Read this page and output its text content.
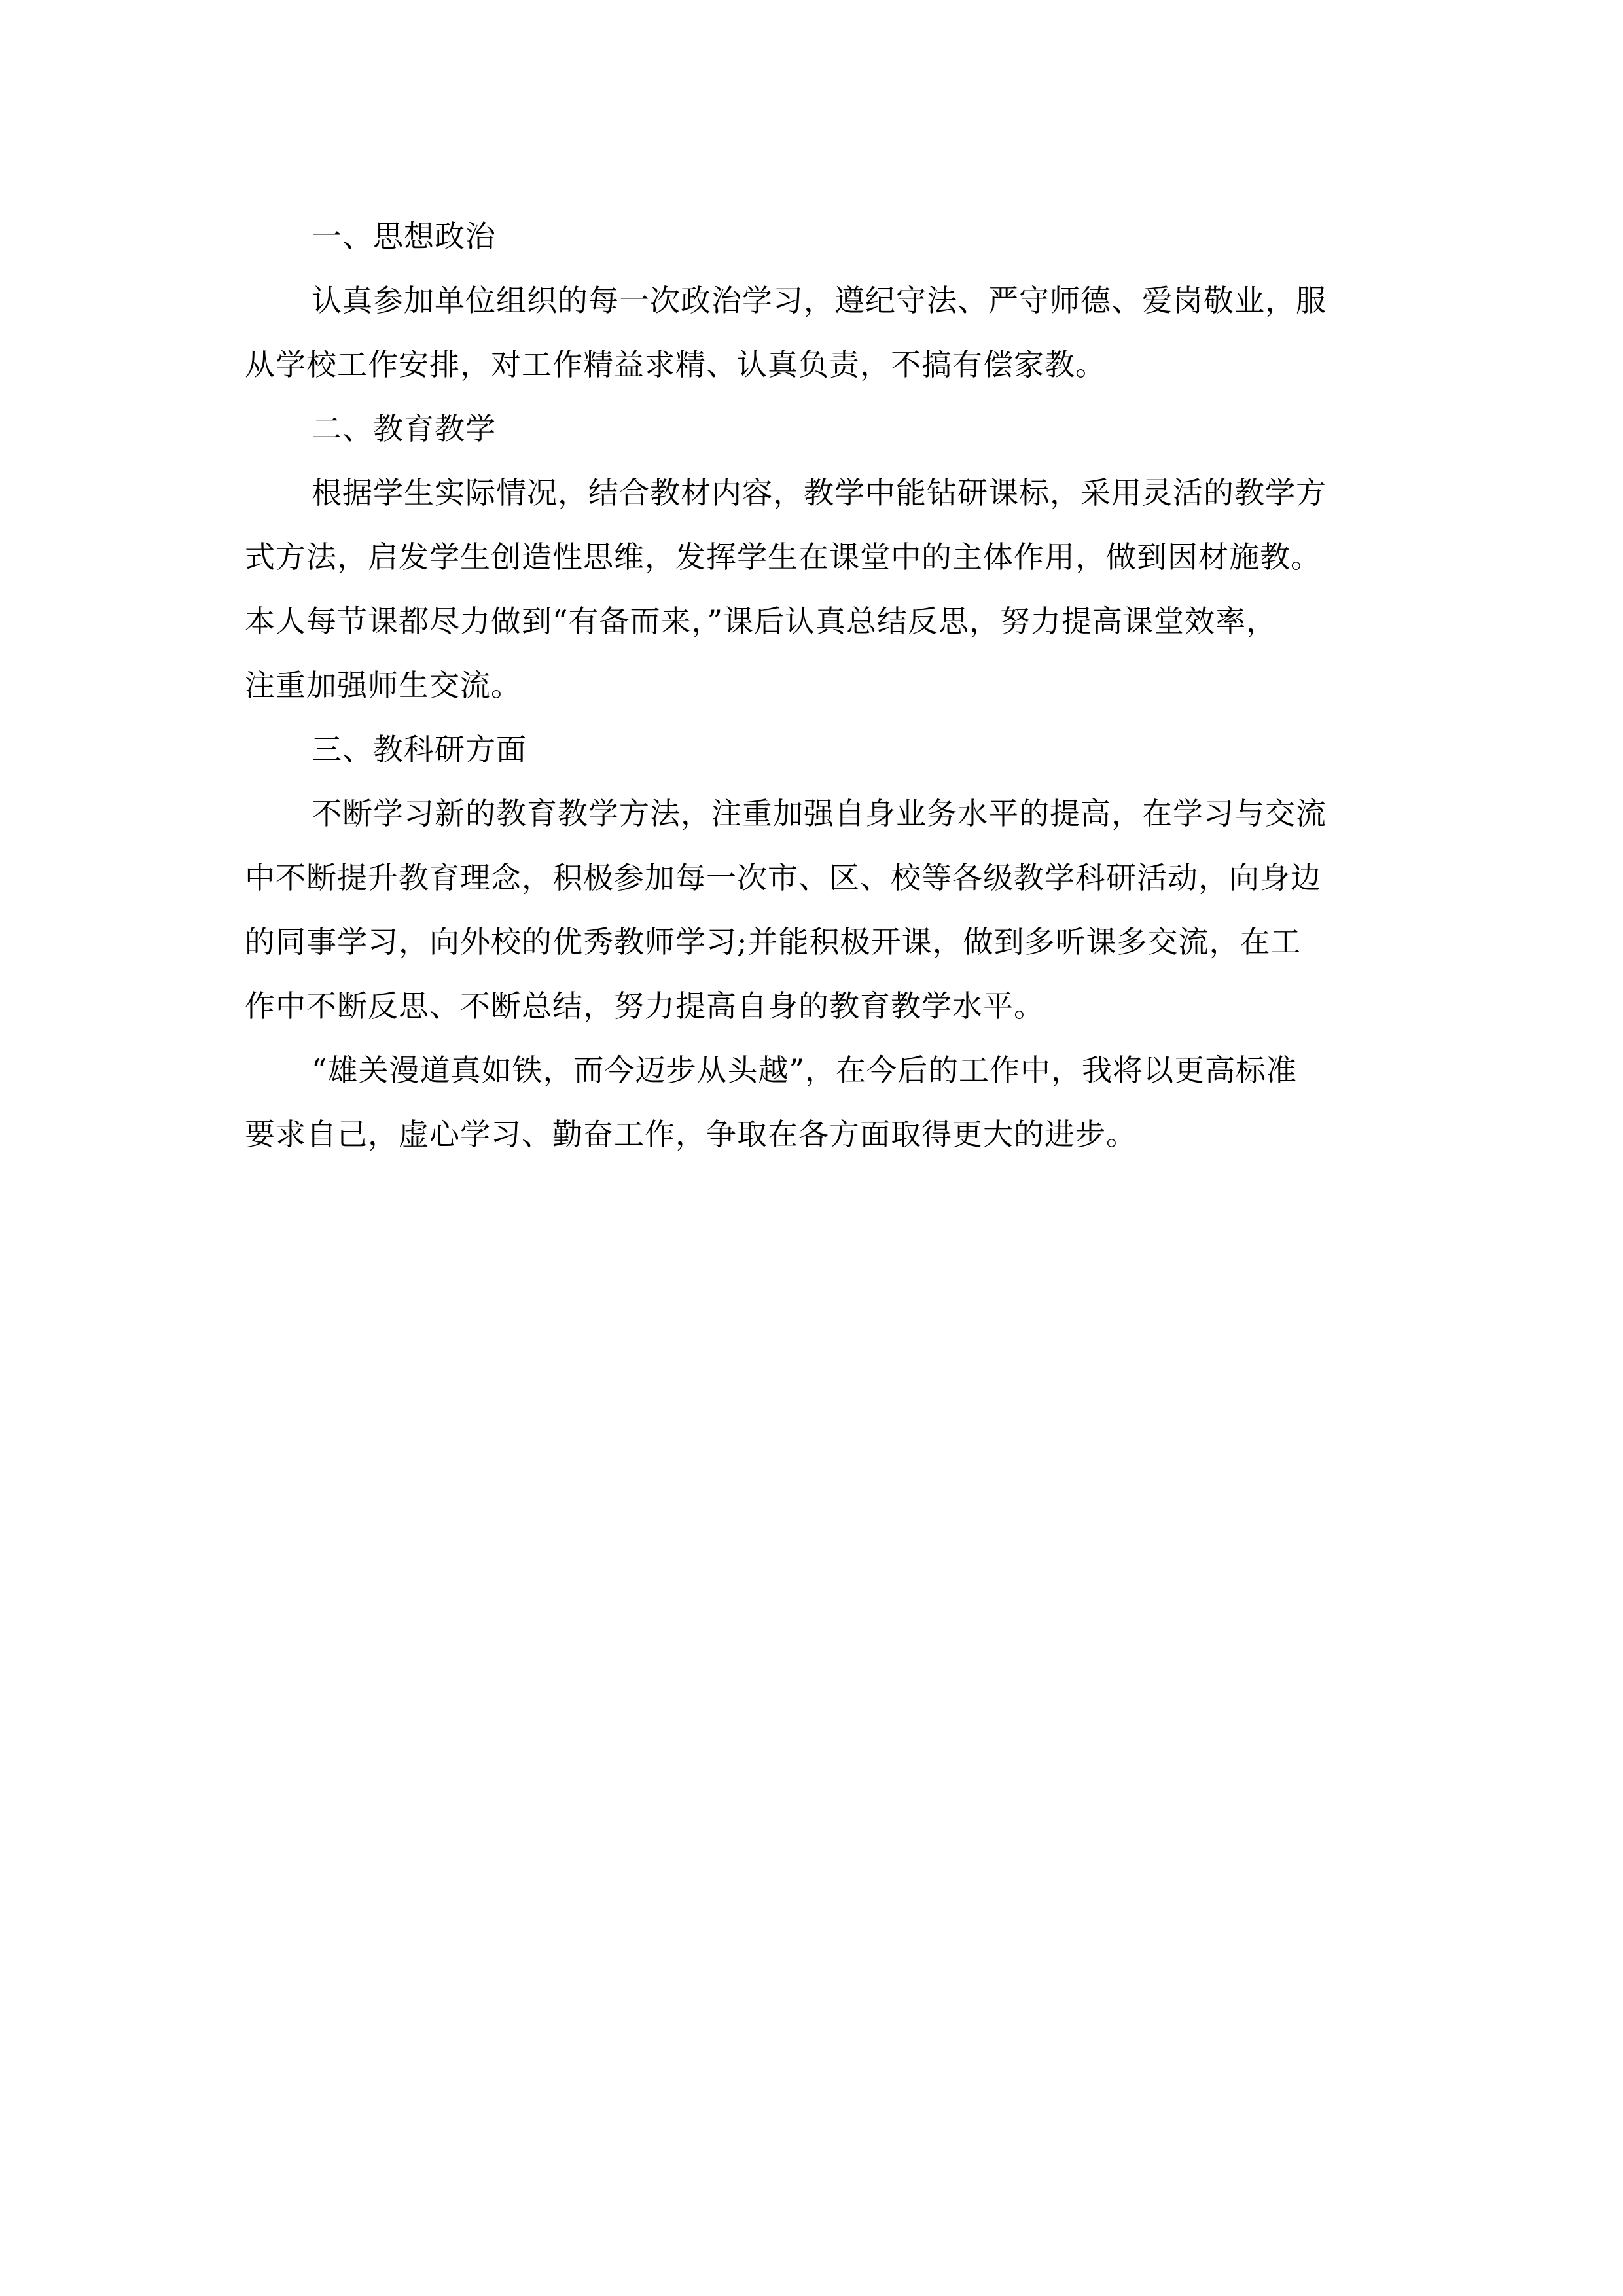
一、思想政治
认真参加单位组织的每一次政治学习，遵纪守法、严守师德、爱岗敬业，服
从学校工作安排，对工作精益求精、认真负责，不搞有偿家教。
二、教育教学
根据学生实际情况，结合教材内容，教学中能钻研课标，采用灵活的教学方
式方法，启发学生创造性思维，发挥学生在课堂中的主体作用，做到因材施教。
本人每节课都尽力做到“有备而来，”课后认真总结反思，努力提高课堂效率，
注重加强师生交流。
三、教科研方面
不断学习新的教育教学方法，注重加强自身业务水平的提高，在学习与交流
中不断提升教育理念，积极参加每一次市、区、校等各级教学科研活动，向身边
的同事学习，向外校的优秀教师学习;并能积极开课，做到多听课多交流，在工
作中不断反思、不断总结，努力提高自身的教育教学水平。
“雄关漫道真如铁，而今迈步从头越”，在今后的工作中，我将以更高标准
要求自己，虚心学习、勤奋工作，争取在各方面取得更大的进步。
